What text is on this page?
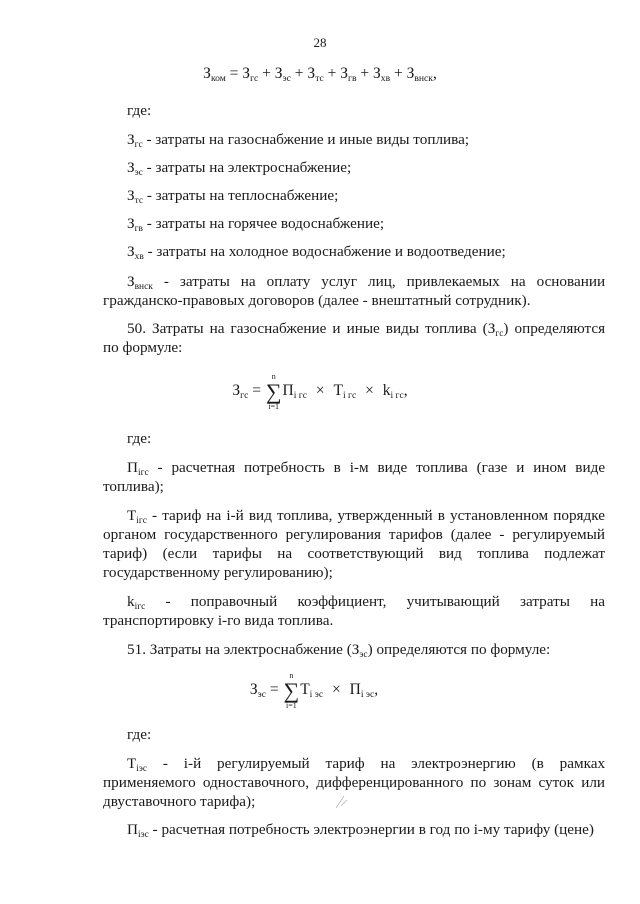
28
$З_{ком} = З_{гс} + З_{эс} + З_{тс} + З_{гв} + З_{хв} + З_{внск}$,
где:
$З_{гс}$ - затраты на газоснабжение и иные виды топлива;
$З_{эс}$ - затраты на электроснабжение;
$З_{тс}$ - затраты на теплоснабжение;
$З_{гв}$ - затраты на горячее водоснабжение;
$З_{хв}$ - затраты на холодное водоснабжение и водоотведение;
$З_{внск}$ - затраты на оплату услуг лиц, привлекаемых на основании
гражданско-правовых договоров (далее - внештатный сотрудник).
50. Затраты на газоснабжение и иные виды топлива $(З_{гс})$ определяются
по формуле:
$З_{гс}$ =
n
∑
i=1
$П_{i гс} \times Т_{i гс} \times k_{i гс}$,
где:
$П_{iгс}$ - расчетная потребность в i-м виде топлива (газе и ином виде
топлива);
$Т_{iгс}$ - тариф на i-й вид топлива, утвержденный в установленном порядке
органом государственного регулирования тарифов (далее - регулируемый
тариф) (если тарифы на соответствующий вид топлива подлежат
государственному регулированию);
$k_{iгс}$ - поправочный коэффициент, учитывающий затраты на
транспортировку i-го вида топлива.
51. Затраты на электроснабжение $(З_{эс})$ определяются по формуле:
$З_{эс}$ =
n
∑
i=1
$Т_{i эс} \times П_{i эс}$,
где:
$Т_{iэс} - i-й$ регулируемый тариф на электроэнергию (в рамках
применяемого одноставочного, дифференцированного по зонам суток или
двуставочного тарифа);
$П_{iэс}$ - расчетная потребность электроэнергии в год по i-му тарифу (цене)
